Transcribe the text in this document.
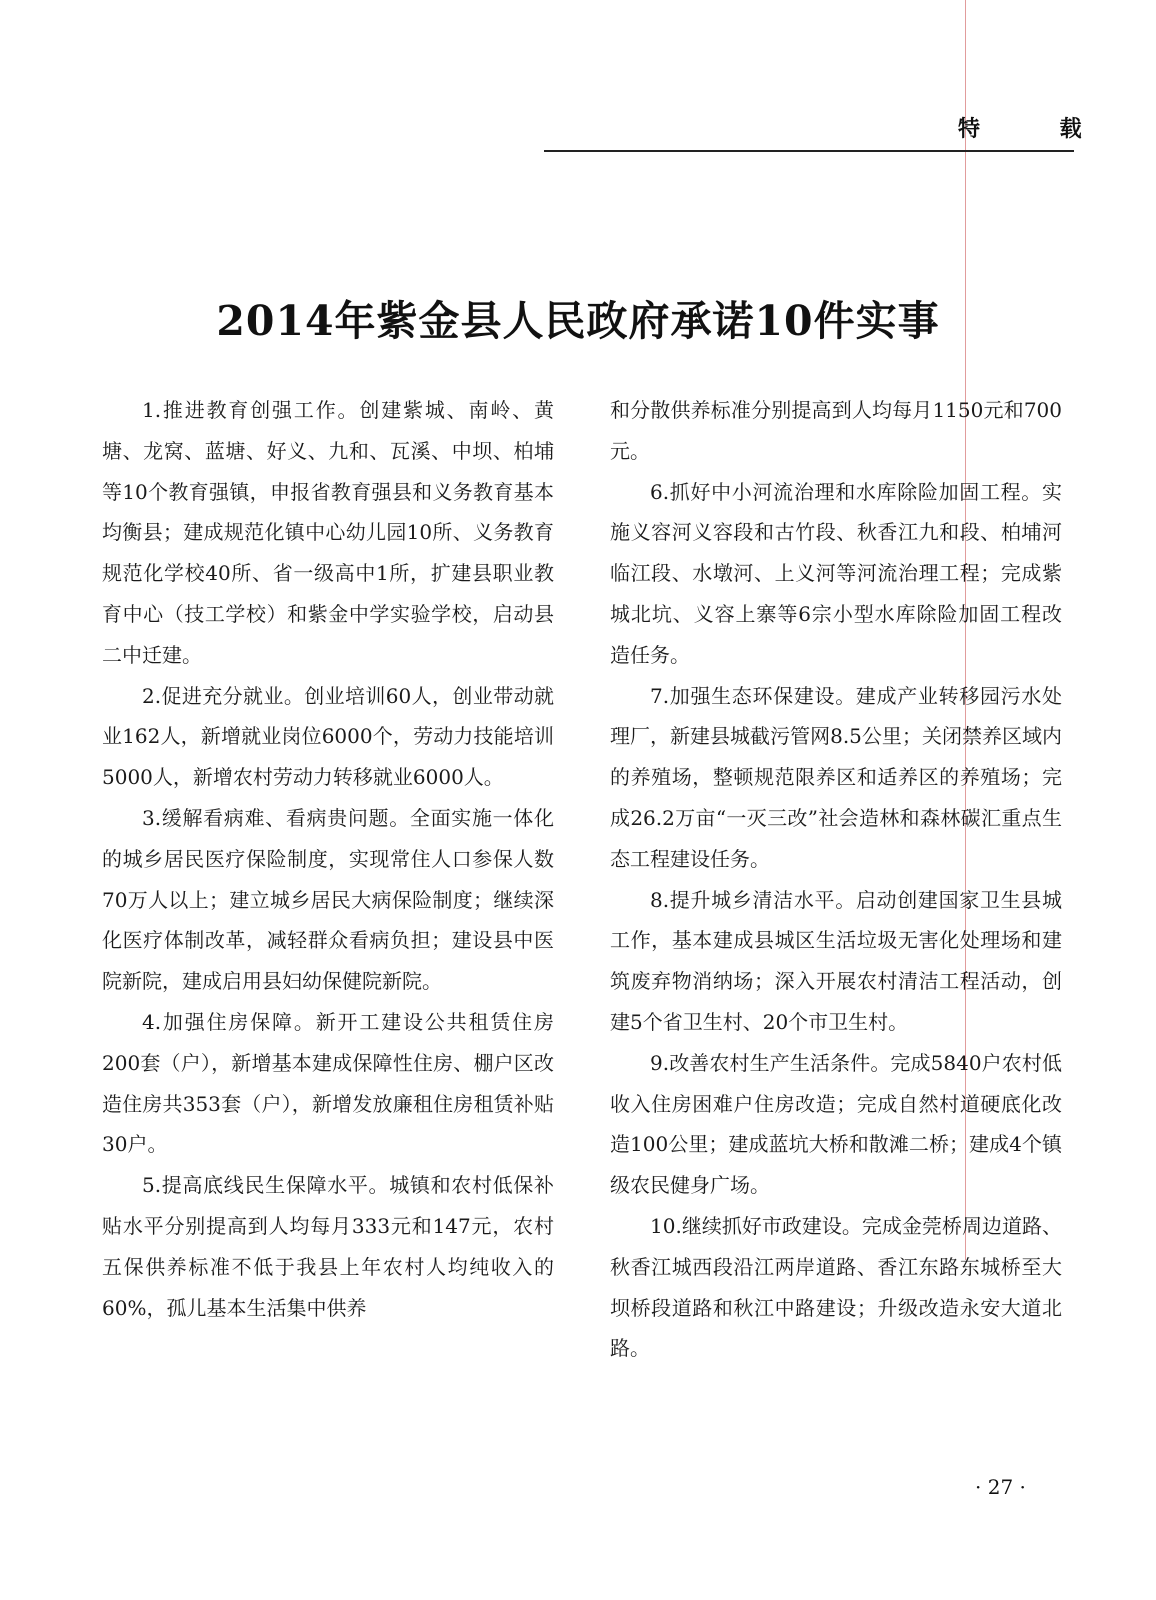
特 载
2014年紫金县人民政府承诺10件实事

1.推进教育创强工作。创建紫城、南岭、黄塘、龙窝、蓝塘、好义、九和、瓦溪、中坝、柏埔等10个教育强镇，申报省教育强县和义务教育基本均衡县；建成规范化镇中心幼儿园10所、义务教育规范化学校40所、省一级高中1所，扩建县职业教育中心（技工学校）和紫金中学实验学校，启动县二中迁建。

2.促进充分就业。创业培训60人，创业带动就业162人，新增就业岗位6000个，劳动力技能培训5000人，新增农村劳动力转移就业6000人。

3.缓解看病难、看病贵问题。全面实施一体化的城乡居民医疗保险制度，实现常住人口参保人数70万人以上；建立城乡居民大病保险制度；继续深化医疗体制改革，减轻群众看病负担；建设县中医院新院，建成启用县妇幼保健院新院。

4.加强住房保障。新开工建设公共租赁住房200套（户），新增基本建成保障性住房、棚户区改造住房共353套（户），新增发放廉租住房租赁补贴30户。

5.提高底线民生保障水平。城镇和农村低保补贴水平分别提高到人均每月333元和147元，农村五保供养标准不低于我县上年农村人均纯收入的60%，孤儿基本生活集中供养

和分散供养标准分别提高到人均每月1150元和700元。

6.抓好中小河流治理和水库除险加固工程。实施义容河义容段和古竹段、秋香江九和段、柏埔河临江段、水墩河、上义河等河流治理工程；完成紫城北坑、义容上寨等6宗小型水库除险加固工程改造任务。

7.加强生态环保建设。建成产业转移园污水处理厂，新建县城截污管网8.5公里；关闭禁养区域内的养殖场，整顿规范限养区和适养区的养殖场；完成26.2万亩“一灭三改”社会造林和森林碳汇重点生态工程建设任务。

8.提升城乡清洁水平。启动创建国家卫生县城工作，基本建成县城区生活垃圾无害化处理场和建筑废弃物消纳场；深入开展农村清洁工程活动，创建5个省卫生村、20个市卫生村。

9.改善农村生产生活条件。完成5840户农村低收入住房困难户住房改造；完成自然村道硬底化改造100公里；建成蓝坑大桥和散滩二桥；建成4个镇级农民健身广场。

10.继续抓好市政建设。完成金莞桥周边道路、秋香江城西段沿江两岸道路、香江东路东城桥至大坝桥段道路和秋江中路建设；升级改造永安大道北路。

· 27 ·
